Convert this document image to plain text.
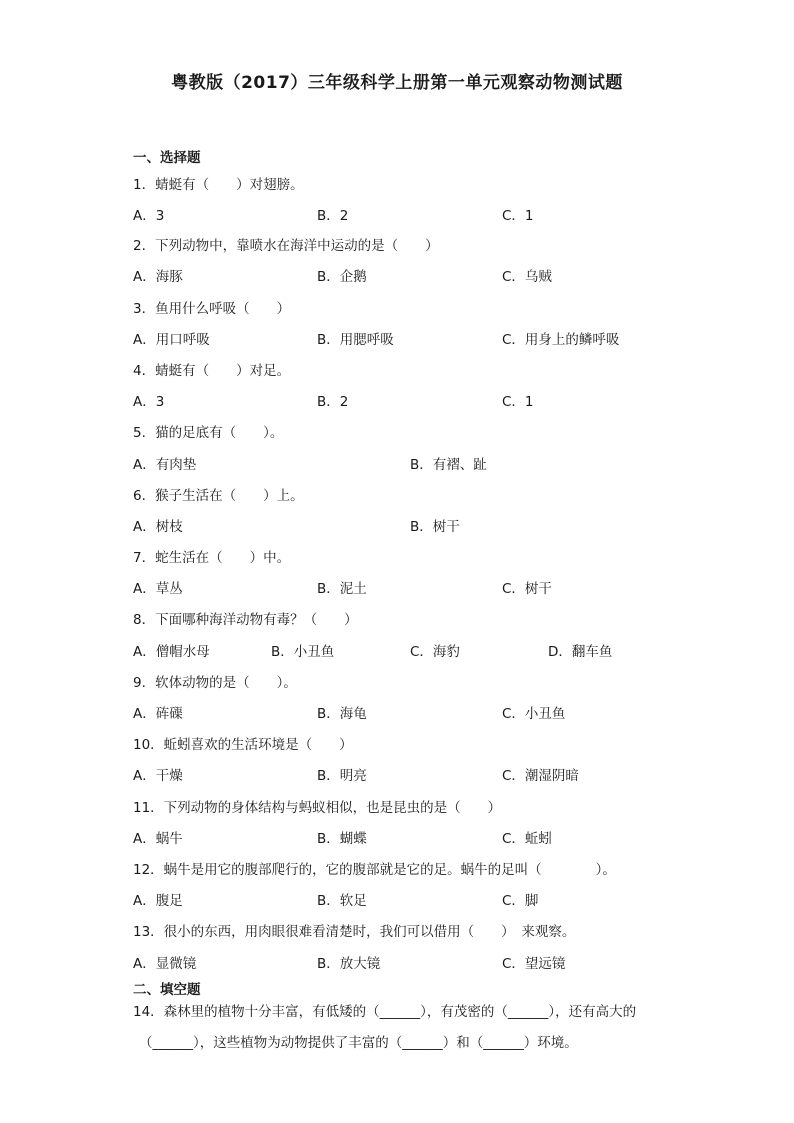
粤教版（2017）三年级科学上册第一单元观察动物测试题
一、选择题
1．蜻蜓有（　　）对翅膀。
A．3	B．2	C．1
2．下列动物中，靠喷水在海洋中运动的是（　　）
A．海豚	B．企鹅	C．乌贼
3．鱼用什么呼吸（　　）
A．用口呼吸	B．用腮呼吸	C．用身上的鳞呼吸
4．蜻蜓有（　　）对足。
A．3	B．2	C．1
5．猫的足底有（　　）。
A．有肉垫	B．有褶、趾
6．猴子生活在（　　）上。
A．树枝	B．树干
7．蛇生活在（　　）中。
A．草丛	B．泥土	C．树干
8．下面哪种海洋动物有毒？（　　）
A．僧帽水母	B．小丑鱼	C．海豹	D．翻车鱼
9．软体动物的是（　　）。
A．砗磲	B．海龟	C．小丑鱼
10．蚯蚓喜欢的生活环境是（　　）
A．干燥	B．明亮	C．潮湿阴暗
11．下列动物的身体结构与蚂蚁相似，也是昆虫的是（　　）
A．蜗牛	B．蝴蝶	C．蚯蚓
12．蜗牛是用它的腹部爬行的，它的腹部就是它的足。蜗牛的足叫（　　　　）。
A．腹足	B．软足	C．脚
13．很小的东西，用肉眼很难看清楚时，我们可以借用（　　）　来观察。
A．显微镜	B．放大镜	C．望远镜
二、填空题
14．森林里的植物十分丰富，有低矮的（______），有茂密的（______），还有高大的
（______），这些植物为动物提供了丰富的（______）和（______）环境。
